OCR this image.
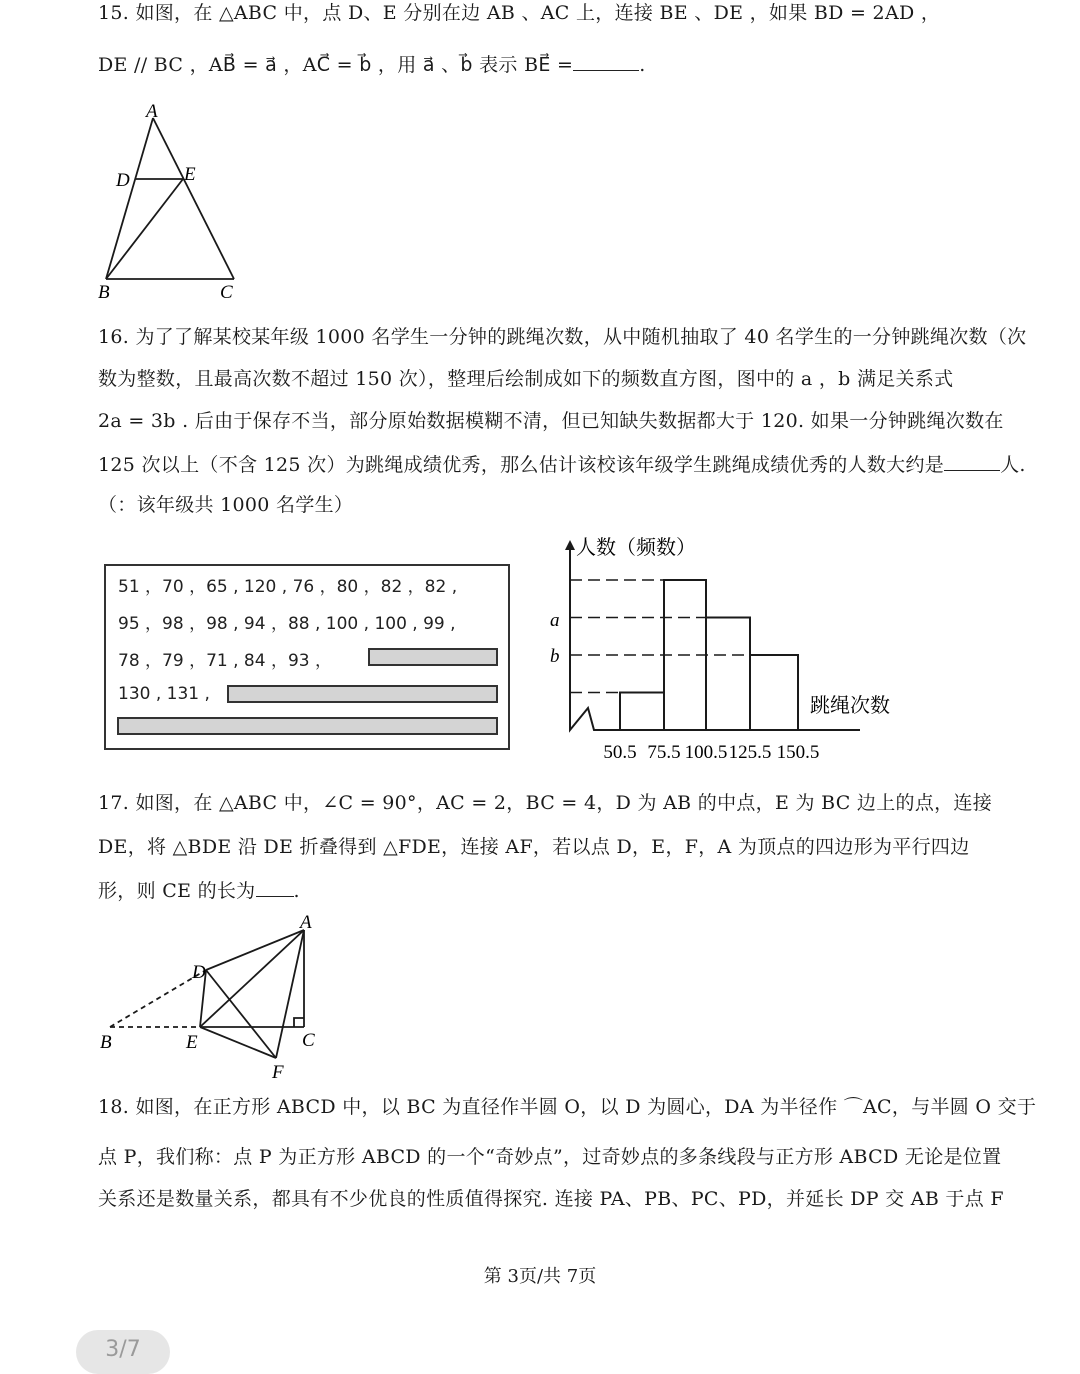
15. 如图，在 △ABC 中，点 D、E 分别在边 AB 、AC 上，连接 BE 、DE ，如果 BD = 2AD ，
DE // BC ，AB⃗ = a⃗ ，AC⃗ = b⃗ ，用 a⃗ 、b⃗ 表示 BE⃗ =	.
A
D	E
B	C
16. 为了了解某校某年级 1000 名学生一分钟的跳绳次数，从中随机抽取了 40 名学生的一分钟跳绳次数（次
数为整数，且最高次数不超过 150 次），整理后绘制成如下的频数直方图，图中的 a ，b 满足关系式
2a = 3b . 后由于保存不当，部分原始数据模糊不清，但已知缺失数据都大于 120. 如果一分钟跳绳次数在
125 次以上（不含 125 次）为跳绳成绩优秀，那么估计该校该年级学生跳绳成绩优秀的人数大约是	人.
（：该年级共 1000 名学生）
51 ，70 ，65 , 120 , 76 ，80 ，82 ，82 ,
95 ，98 ，98 , 94 ，88 , 100 , 100 , 99 ,
78 ，79 ，71 , 84 ，93 ，
130 , 131 ,
50.5 75.5 100.5 125.5 150.5
人数（频数）
跳绳次数
a
b
17. 如图，在 △ABC 中，∠C = 90°，AC = 2，BC = 4，D 为 AB 的中点，E 为 BC 边上的点，连接
DE，将 △BDE 沿 DE 折叠得到 △FDE，连接 AF，若以点 D，E，F，A 为顶点的四边形为平行四边
形，则 CE 的长为 .
A
D
B	E	C
F
18. 如图，在正方形 ABCD 中，以 BC 为直径作半圆 O，以 D 为圆心，DA 为半径作 ⌒AC，与半圆 O 交于
点 P，我们称：点 P 为正方形 ABCD 的一个“奇妙点”，过奇妙点的多条线段与正方形 ABCD 无论是位置
关系还是数量关系，都具有不少优良的性质值得探究. 连接 PA、PB、PC、PD，并延长 DP 交 AB 于点 F
第 3页/共 7页
3/7
